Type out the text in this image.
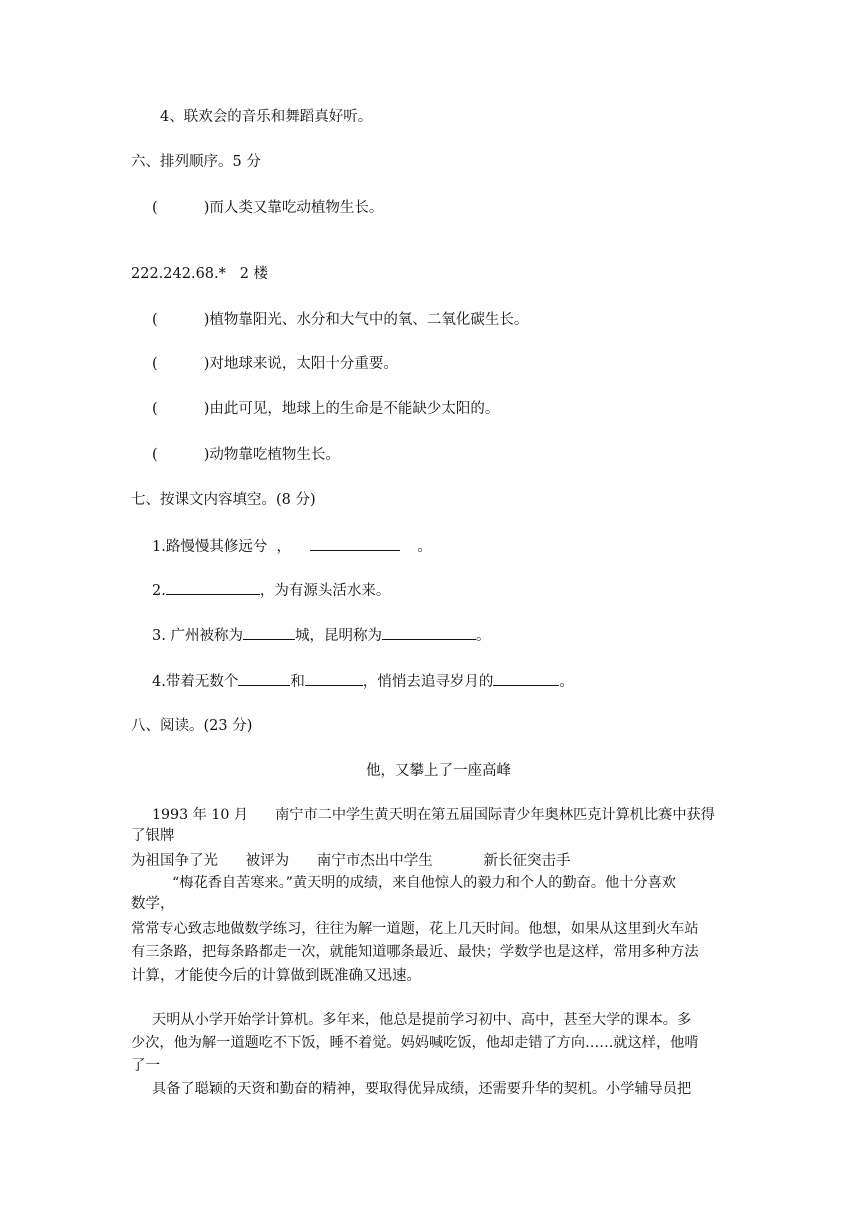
4、联欢会的音乐和舞蹈真好听。
六、排列顺序。5 分
(          )而人类又靠吃动植物生长。
222.242.68.*   2 楼
(          )植物靠阳光、水分和大气中的氧、二氧化碳生长。
(          )对地球来说，太阳十分重要。
(          )由此可见，地球上的生命是不能缺少太阳的。
(          )动物靠吃植物生长。
七、按课文内容填空。(8 分)
1.路慢慢其修远兮  ，	。
2.	，为有源头活水来。
3. 广州被称为	城，昆明称为	。
4.带着无数个	和	，悄悄去追寻岁月的	。
八、阅读。(23 分)
他，又攀上了一座高峰
1993 年 10 月      南宁市二中学生黄天明在第五届国际青少年奥林匹克计算机比赛中获得
了银牌
为祖国争了光      被评为      南宁市杰出中学生           新长征突击手
“梅花香自苦寒来。”黄天明的成绩，来自他惊人的毅力和个人的勤奋。他十分喜欢
数学，
常常专心致志地做数学练习，往往为解一道题，花上几天时间。他想，如果从这里到火车站
有三条路，把每条路都走一次，就能知道哪条最近、最快；学数学也是这样，常用多种方法
计算，才能使今后的计算做到既准确又迅速。
天明从小学开始学计算机。多年来，他总是提前学习初中、高中，甚至大学的课本。多
少次，他为解一道题吃不下饭，睡不着觉。妈妈喊吃饭，他却走错了方向……就这样，他啃
了一
具备了聪颖的天资和勤奋的精神，要取得优异成绩，还需要升华的契机。小学辅导员把
